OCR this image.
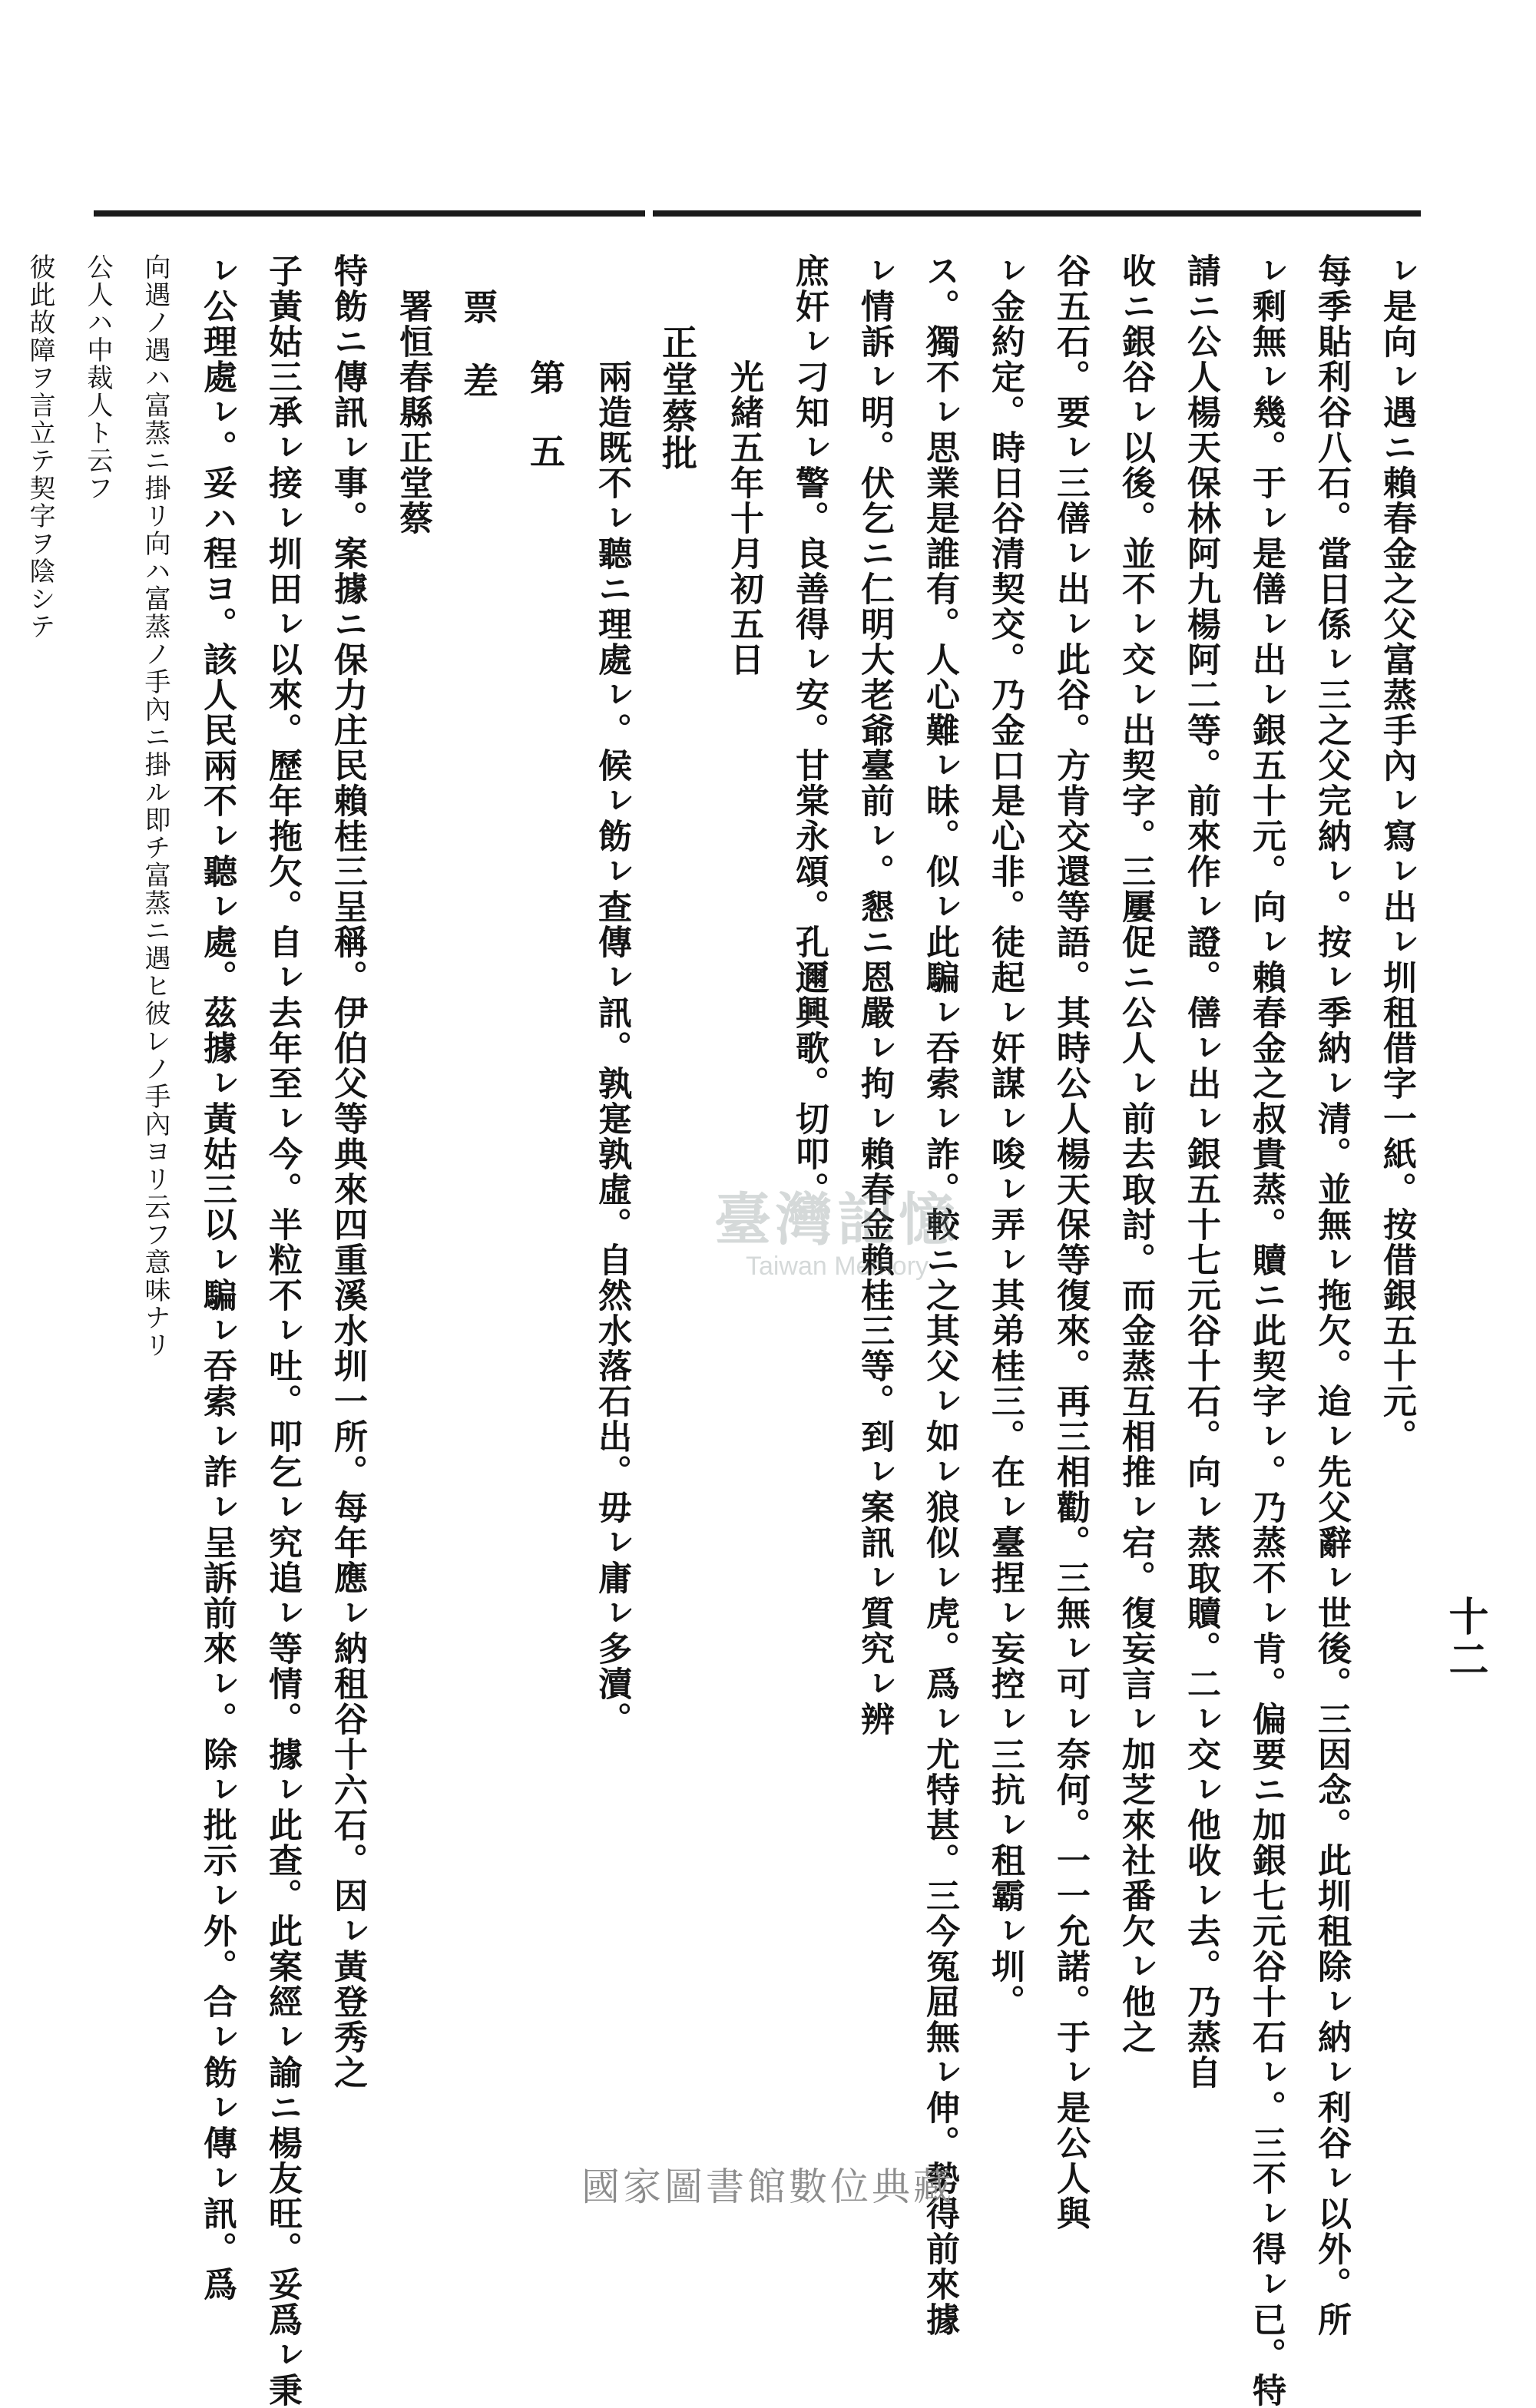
十二
ㇾ是向ㇾ遇ニ賴春金之父富蒸手內ㇾ寫ㇾ出ㇾ圳租借字一紙。按借銀五十元。
每季貼利谷八石。當日係ㇾ三之父完納ㇾ。按ㇾ季納ㇾ清。並無ㇾ拖欠。迨ㇾ先父辭ㇾ世後。三因念。此圳租除ㇾ納ㇾ利谷ㇾ以外。所
ㇾ剩無ㇾ幾。于ㇾ是僐ㇾ出ㇾ銀五十元。向ㇾ賴春金之叔貴蒸。贖ニ此契字ㇾ。乃蒸不ㇾ肯。偏要ニ加銀七元谷十石ㇾ。三不ㇾ得ㇾ已。特
請ニ公人楊天保林阿九楊阿二等。前來作ㇾ證。僐ㇾ出ㇾ銀五十七元谷十石。向ㇾ蒸取贖。二ㇾ交ㇾ他收ㇾ去。乃蒸自
收ニ銀谷ㇾ以後。並不ㇾ交ㇾ出契字。三屢促ニ公人ㇾ前去取討。而金蒸互相推ㇾ宕。復妄言ㇾ加芝來社番欠ㇾ他之
谷五石。要ㇾ三僐ㇾ出ㇾ此谷。方肯交還等語。其時公人楊天保等復來。再三相勸。三無ㇾ可ㇾ奈何。一一允諾。于ㇾ是公人與
ㇾ金約定。時日谷清契交。乃金口是心非。徒起ㇾ奸謀ㇾ唆ㇾ弄ㇾ其弟桂三。在ㇾ臺捏ㇾ妄控ㇾ三抗ㇾ租霸ㇾ圳。
ス。獨不ㇾ思業是誰有。人心難ㇾ昧。似ㇾ此騙ㇾ吞索ㇾ詐。較ニ之其父ㇾ如ㇾ狼似ㇾ虎。爲ㇾ尤特甚。三今冤屈無ㇾ伸。勢得前來據
ㇾ情訴ㇾ明。伏乞ニ仁明大老爺臺前ㇾ。懇ニ恩嚴ㇾ拘ㇾ賴春金賴桂三等。到ㇾ案訊ㇾ質究ㇾ辨
庶奸ㇾ刁知ㇾ警。良善得ㇾ安。甘棠永頌。孔邇興歌。切叩。
光緒五年十月初五日
正堂蔡批
兩造既不ㇾ聽ニ理處ㇾ。候ㇾ飭ㇾ查傳ㇾ訊。孰寔孰虛。自然水落石出。毋ㇾ庸ㇾ多瀆。
第　五
票　差
署恒春縣正堂蔡
特飭ニ傳訊ㇾ事。案據ニ保力庄民賴桂三呈稱。伊伯父等典來四重溪水圳一所。每年應ㇾ納租谷十六石。因ㇾ黃登秀之
子黃姑三承ㇾ接ㇾ圳田ㇾ以來。歷年拖欠。自ㇾ去年至ㇾ今。半粒不ㇾ吐。叩乞ㇾ究追ㇾ等情。據ㇾ此查。此案經ㇾ諭ニ楊友旺。妥爲ㇾ秉
ㇾ公理處ㇾ。妥ハ程ヨ。該人民兩不ㇾ聽ㇾ處。茲據ㇾ黃姑三以ㇾ騙ㇾ吞索ㇾ詐ㇾ呈訴前來ㇾ。除ㇾ批示ㇾ外。合ㇾ飭ㇾ傳ㇾ訊。爲
向遇ノ遇ハ富蒸ニ掛リ向ハ富蒸ノ手內ニ掛ル即チ富蒸ニ遇ヒ彼レノ手內ヨリ云フ意味ナリ
公人ハ中裁人ト云フ
彼此故障ヲ言立テ契字ヲ陰シテ
臺灣記憶
Taiwan Memory
國家圖書館數位典藏
